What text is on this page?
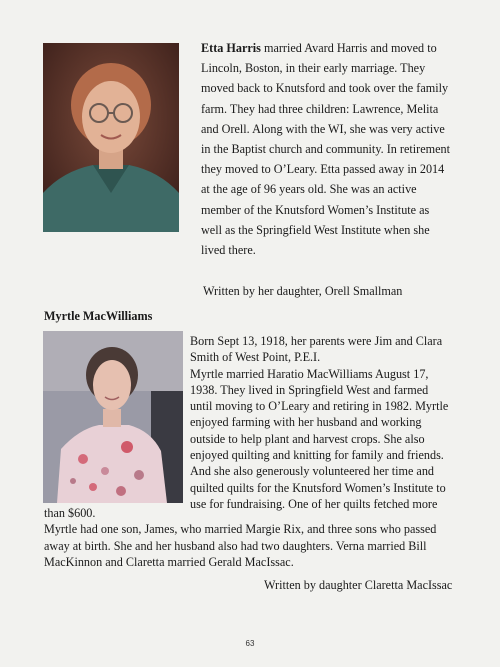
Etta Harris married Avard Harris and moved to
Lincoln, Boston, in their early marriage. They
moved back to Knutsford and took over the family
farm. They had three children: Lawrence, Melita
and Orell. Along with the WI, she was very active
in the Baptist church and community. In retirement
they moved to O’Leary. Etta passed away in 2014
at the age of 96 years old. She was an active
member of the Knutsford Women’s Institute as
well as the Springfield West Institute when she
lived there.

Written by her daughter, Orell Smallman
Myrtle MacWilliams
Born Sept 13, 1918, her parents were Jim and Clara
Smith of West Point, P.E.I.
Myrtle married Haratio MacWilliams August 17,
1938. They lived in Springfield West and farmed
until moving to O’Leary and retiring in 1982. Myrtle
enjoyed farming with her husband and working
outside to help plant and harvest crops. She also
enjoyed quilting and knitting for family and friends.
And she also generously volunteered her time and
quilted quilts for the Knutsford Women’s Institute to
use for fundraising. One of her quilts fetched more
than $600.
Myrtle had one son, James, who married Margie Rix, and three sons who passed
away at birth. She and her husband also had two daughters. Verna married Bill
MacKinnon and Claretta married Gerald MacIssac.
Written by daughter Claretta MacIssac
63
